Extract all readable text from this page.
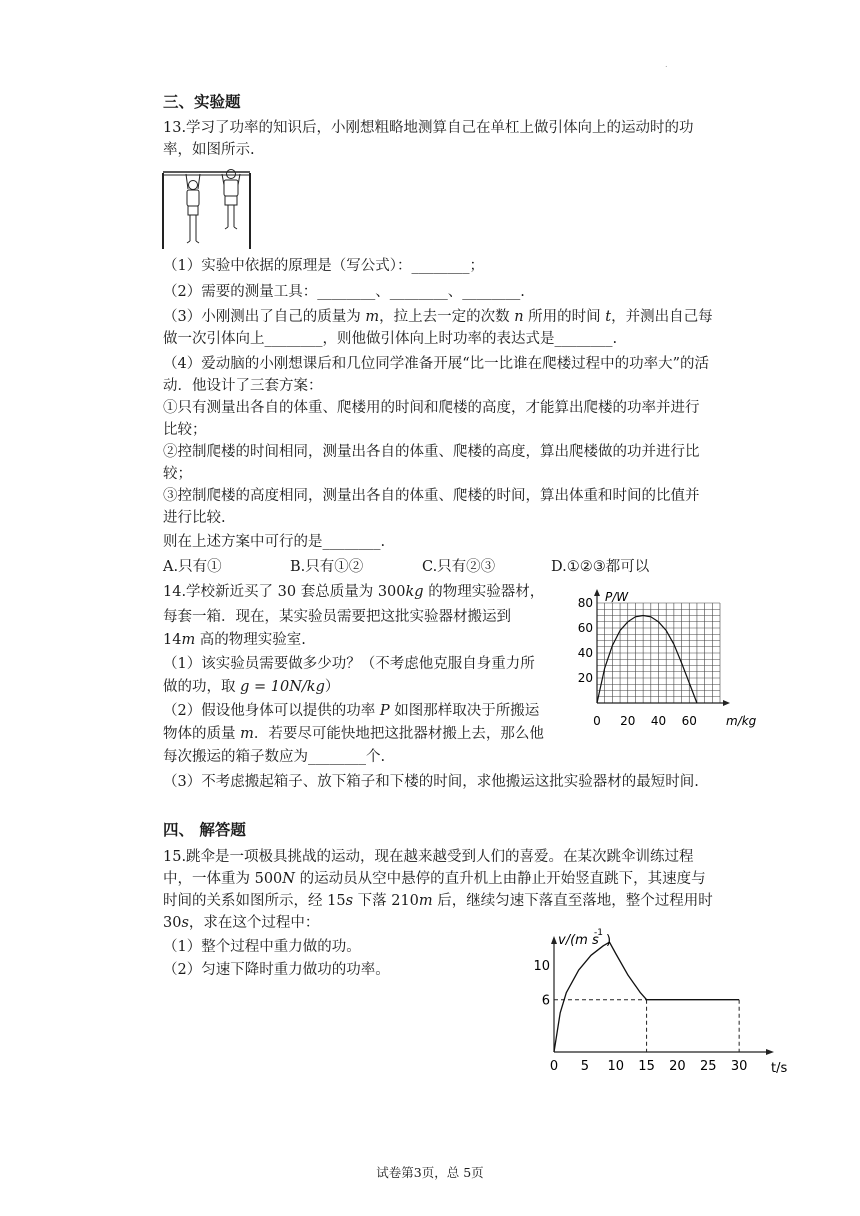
.
三、实验题
13.学习了功率的知识后，小刚想粗略地测算自己在单杠上做引体向上的运动时的功
率，如图所示.
（1）实验中依据的原理是（写公式）：________；
（2）需要的测量工具：________、________、________.
（3）小刚测出了自己的质量为 m，拉上去一定的次数 n 所用的时间 t，并测出自己每
做一次引体向上________，则他做引体向上时功率的表达式是________.
（4）爱动脑的小刚想课后和几位同学准备开展“比一比谁在爬楼过程中的功率大”的活
动．他设计了三套方案：
①只有测量出各自的体重、爬楼用的时间和爬楼的高度，才能算出爬楼的功率并进行
比较；
②控制爬楼的时间相同，测量出各自的体重、爬楼的高度，算出爬楼做的功并进行比
较；
③控制爬楼的高度相同，测量出各自的体重、爬楼的时间，算出体重和时间的比值并
进行比较.
则在上述方案中可行的是________.
A.只有①	B.只有①②	C.只有②③	D.①②③都可以
14.学校新近买了 30 套总质量为 300kg 的物理实验器材，
每套一箱．现在，某实验员需要把这批实验器材搬运到
14m 高的物理实验室.
（1）该实验员需要做多少功？（不考虑他克服自身重力所
做的功，取 g = 10N/kg）
（2）假设他身体可以提供的功率 P 如图那样取决于所搬运
物体的质量 m．若要尽可能快地把这批器材搬上去，那么他
每次搬运的箱子数应为________个.
（3）不考虑搬起箱子、放下箱子和下楼的时间，求他搬运这批实验器材的最短时间.
P/W
m/kg
20
40
60
80
0 20 40 60
四、 解答题
15.跳伞是一项极具挑战的运动，现在越来越受到人们的喜爱。在某次跳伞训练过程
中，一体重为 500N 的运动员从空中悬停的直升机上由静止开始竖直跳下，其速度与
时间的关系如图所示，经 15s 下落 210m 后，继续匀速下落直至落地，整个过程用时
30s，求在这个过程中：
（1）整个过程中重力做的功。
（2）匀速下降时重力做功的功率。
v/(m s
-1 )
t/s
6
10
0 5 10 15 20 25 30
试卷第3页，总 5页
